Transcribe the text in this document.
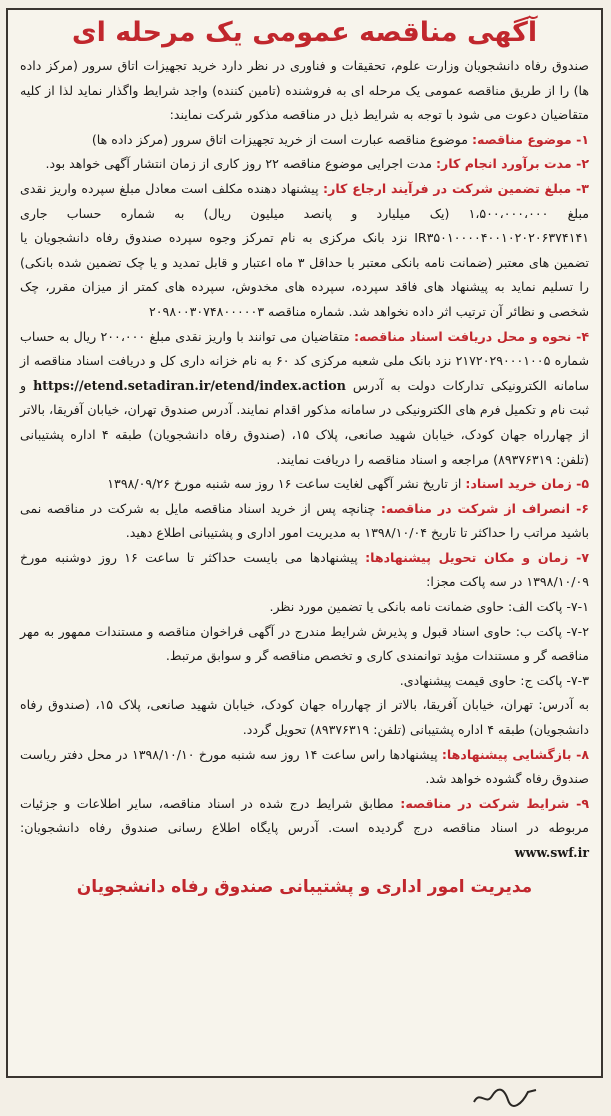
آگهی مناقصه عمومی یک مرحله ای

صندوق رفاه دانشجویان وزارت علوم، تحقیقات و فناوری در نظر دارد خرید تجهیزات اتاق سرور (مرکز داده ها) را از طریق مناقصه عمومی یک مرحله ای به فروشنده (تامین کننده) واجد شرایط واگذار نماید لذا از کلیه متقاضیان دعوت می شود با توجه به شرایط ذیل در مناقصه مذکور شرکت نمایند:

۱- موضوع مناقصه: موضوع مناقصه عبارت است از خرید تجهیزات اتاق سرور (مرکز داده ها)

۲- مدت برآورد انجام کار: مدت اجرایی موضوع مناقصه ۲۲ روز کاری از زمان انتشار آگهی خواهد بود.

۳- مبلغ تضمین شرکت در فرآیند ارجاع کار: پیشنهاد دهنده مکلف است معادل مبلغ سپرده واریز نقدی مبلغ ۱،۵۰۰،۰۰۰،۰۰۰ (یک میلیارد و پانصد میلیون ریال) به شماره حساب جاری IR۳۵۰۱۰۰۰۰۴۰۰۱۰۲۰۲۰۶۳۷۴۱۴۱ نزد بانک مرکزی به نام تمرکز وجوه سپرده صندوق رفاه دانشجویان یا تضمین های معتبر (ضمانت نامه بانکی معتبر با حداقل ۳ ماه اعتبار و قابل تمدید و یا چک تضمین شده بانکی) را تسلیم نماید به پیشنهاد های فاقد سپرده، سپرده های مخدوش، سپرده های کمتر از میزان مقرر، چک شخصی و نظائر آن ترتیب اثر داده نخواهد شد. شماره مناقصه ۲۰۹۸۰۰۳۰۷۴۸۰۰۰۰۰۳

۴- نحوه و محل دریافت اسناد مناقصه: متقاضیان می توانند با واریز نقدی مبلغ ۲۰۰،۰۰۰ ریال به حساب شماره ۲۱۷۲۰۲۹۰۰۰۱۰۰۵ نزد بانک ملی شعبه مرکزی کد ۶۰ به نام خزانه داری کل و دریافت اسناد مناقصه از سامانه الکترونیکی تدارکات دولت به آدرس https://etend.setadiran.ir/etend/index.action و ثبت نام و تکمیل فرم های الکترونیکی در سامانه مذکور اقدام نمایند. آدرس صندوق تهران، خیابان آفریقا، بالاتر از چهارراه جهان کودک، خیابان شهید صانعی، پلاک ۱۵، (صندوق رفاه دانشجویان) طبقه ۴ اداره پشتیبانی (تلفن: ۸۹۳۷۶۳۱۹) مراجعه و اسناد مناقصه را دریافت نمایند.

۵- زمان خرید اسناد: از تاریخ نشر آگهی لغایت ساعت ۱۶ روز سه شنبه مورخ ۱۳۹۸/۰۹/۲۶

۶- انصراف از شرکت در مناقصه: چنانچه پس از خرید اسناد مناقصه مایل به شرکت در مناقصه نمی باشید مراتب را حداکثر تا تاریخ ۱۳۹۸/۱۰/۰۴ به مدیریت امور اداری و پشتیبانی اطلاع دهید.

۷- زمان و مکان تحویل پیشنهادها: پیشنهادها می بایست حداکثر تا ساعت ۱۶ روز دوشنبه مورخ ۱۳۹۸/۱۰/۰۹ در سه پاکت مجزا:

۷-۱- پاکت الف: حاوی ضمانت نامه بانکی یا تضمین مورد نظر.

۷-۲- پاکت ب: حاوی اسناد قبول و پذیرش شرایط مندرج در آگهی فراخوان مناقصه و مستندات ممهور به مهر مناقصه گر و مستندات مؤید توانمندی کاری و تخصص مناقصه گر و سوابق مرتبط.

۷-۳- پاکت ج: حاوی قیمت پیشنهادی.

به آدرس: تهران، خیابان آفریقا، بالاتر از چهارراه جهان کودک، خیابان شهید صانعی، پلاک ۱۵، (صندوق رفاه دانشجویان) طبقه ۴ اداره پشتیبانی (تلفن: ۸۹۳۷۶۳۱۹) تحویل گردد.

۸- بازگشایی پیشنهادها: پیشنهادها راس ساعت ۱۴ روز سه شنبه مورخ ۱۳۹۸/۱۰/۱۰ در محل دفتر ریاست صندوق رفاه گشوده خواهد شد.

۹- شرایط شرکت در مناقصه: مطابق شرایط درج شده در اسناد مناقصه، سایر اطلاعات و جزئیات مربوطه در اسناد مناقصه درج گردیده است. آدرس پایگاه اطلاع رسانی صندوق رفاه دانشجویان: www.swf.ir

مدیریت امور اداری و پشتیبانی صندوق رفاه دانشجویان
